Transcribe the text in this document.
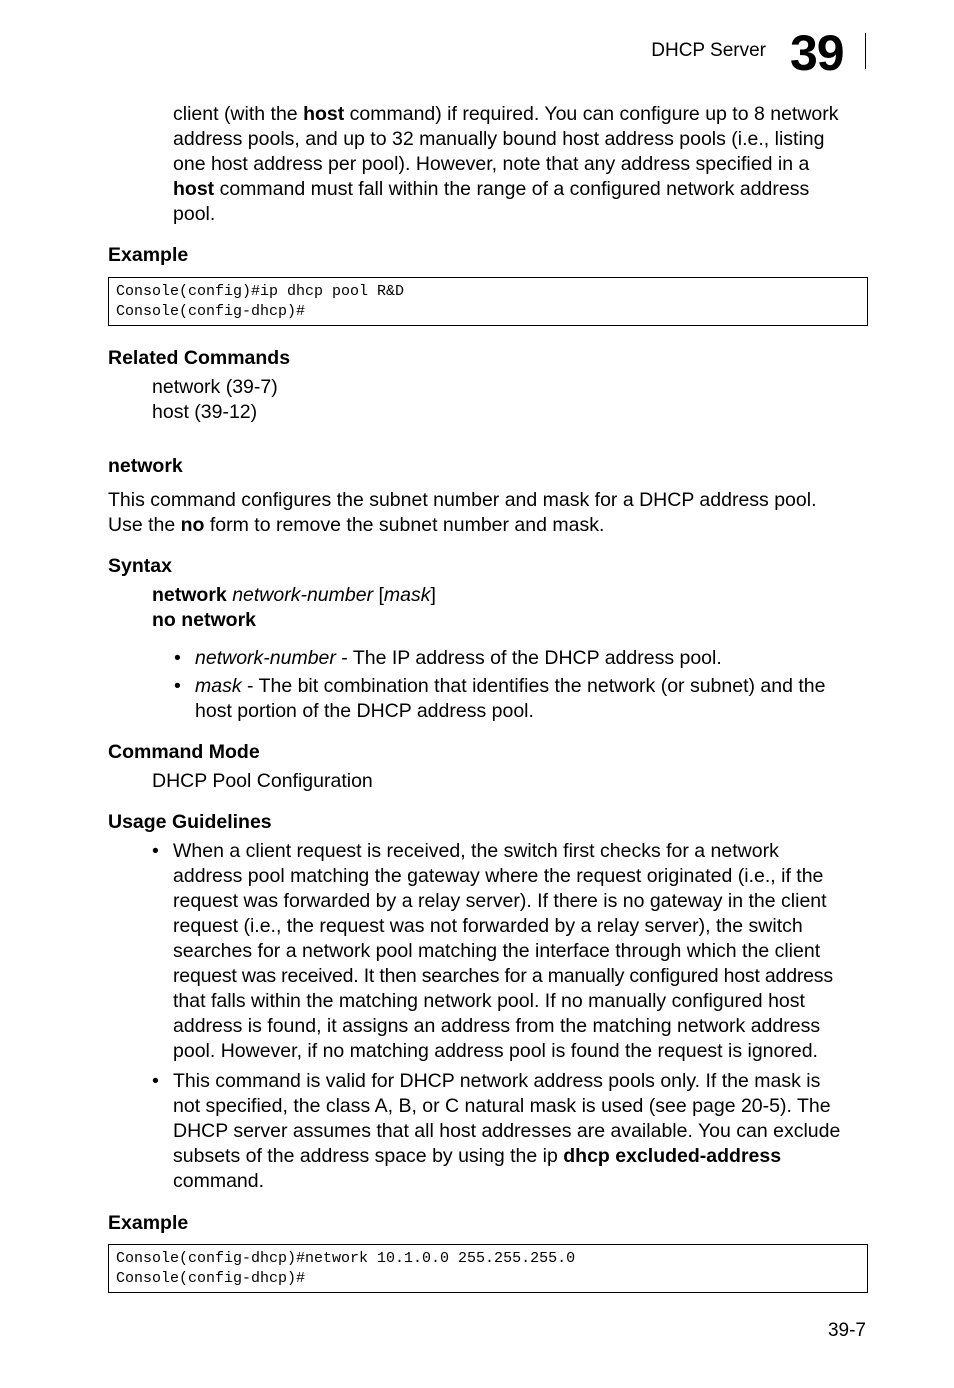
DHCP Server 39
client (with the host command) if required. You can configure up to 8 network
address pools, and up to 32 manually bound host address pools (i.e., listing
one host address per pool). However, note that any address specified in a
host command must fall within the range of a configured network address
pool.
Example
Console(config)#ip dhcp pool R&D
Console(config-dhcp)#
Related Commands
network (39-7)
host (39-12)
network
This command configures the subnet number and mask for a DHCP address pool.
Use the no form to remove the subnet number and mask.
Syntax
network network-number [mask]
no network
• network-number - The IP address of the DHCP address pool.
• mask - The bit combination that identifies the network (or subnet) and the
host portion of the DHCP address pool.
Command Mode
DHCP Pool Configuration
Usage Guidelines
• When a client request is received, the switch first checks for a network
address pool matching the gateway where the request originated (i.e., if the
request was forwarded by a relay server). If there is no gateway in the client
request (i.e., the request was not forwarded by a relay server), the switch
searches for a network pool matching the interface through which the client
request was received. It then searches for a manually configured host address
that falls within the matching network pool. If no manually configured host
address is found, it assigns an address from the matching network address
pool. However, if no matching address pool is found the request is ignored.
• This command is valid for DHCP network address pools only. If the mask is
not specified, the class A, B, or C natural mask is used (see page 20-5). The
DHCP server assumes that all host addresses are available. You can exclude
subsets of the address space by using the ip dhcp excluded-address
command.
Example
Console(config-dhcp)#network 10.1.0.0 255.255.255.0
Console(config-dhcp)#
39-7
